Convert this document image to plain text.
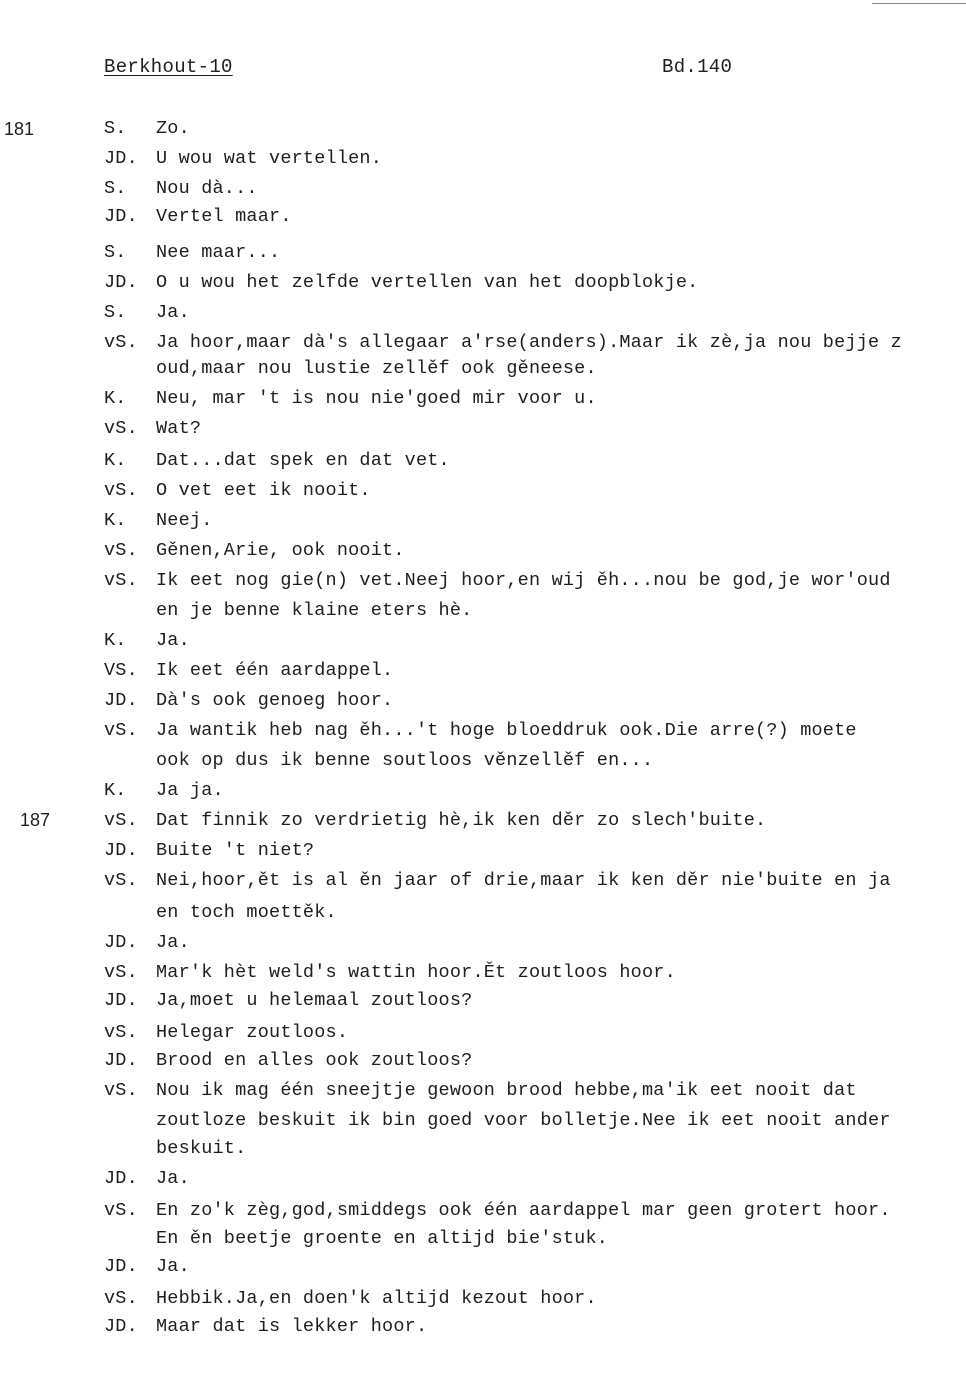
Berkhout-10	Bd.140
181
187
S. Zo.
JD. U wou wat vertellen.
S. Nou dà...
JD. Vertel maar.
S. Nee maar...
JD. O u wou het zelfde vertellen van het doopblokje.
S. Ja.
vS. Ja hoor,maar dà's allegaar a'rse(anders).Maar ik zè,ja nou bejje z
oud,maar nou lustie zellěf ook gěneese.
K. Neu, mar 't is nou nie'goed mir voor u.
vS. Wat?
K. Dat...dat spek en dat vet.
vS. O vet eet ik nooit.
K. Neej.
vS. Gěnen,Arie, ook nooit.
vS. Ik eet nog gie(n) vet.Neej hoor,en wij ěh...nou be god,je wor'oud
en je benne klaine eters hè.
K. Ja.
VS. Ik eet één aardappel.
JD. Dà's ook genoeg hoor.
vS. Ja wantik heb nag ěh...'t hoge bloeddruk ook.Die arre(?) moete
ook op dus ik benne soutloos věnzellěf en...
K. Ja ja.
vS. Dat finnik zo verdrietig hè,ik ken děr zo slech'buite.
JD. Buite 't niet?
vS. Nei,hoor,ět is al ěn jaar of drie,maar ik ken děr nie'buite en ja
en toch moettěk.
JD. Ja.
vS. Mar'k hèt weld's wattin hoor.Ět zoutloos hoor.
JD. Ja,moet u helemaal zoutloos?
vS. Helegar zoutloos.
JD. Brood en alles ook zoutloos?
vS. Nou ik mag één sneejtje gewoon brood hebbe,ma'ik eet nooit dat
zoutloze beskuit ik bin goed voor bolletje.Nee ik eet nooit ander
beskuit.
JD. Ja.
vS. En zo'k zèg,god,smiddegs ook één aardappel mar geen grotert hoor.
En ěn beetje groente en altijd bie'stuk.
JD. Ja.
vS. Hebbik.Ja,en doen'k altijd kezout hoor.
JD. Maar dat is lekker hoor.
